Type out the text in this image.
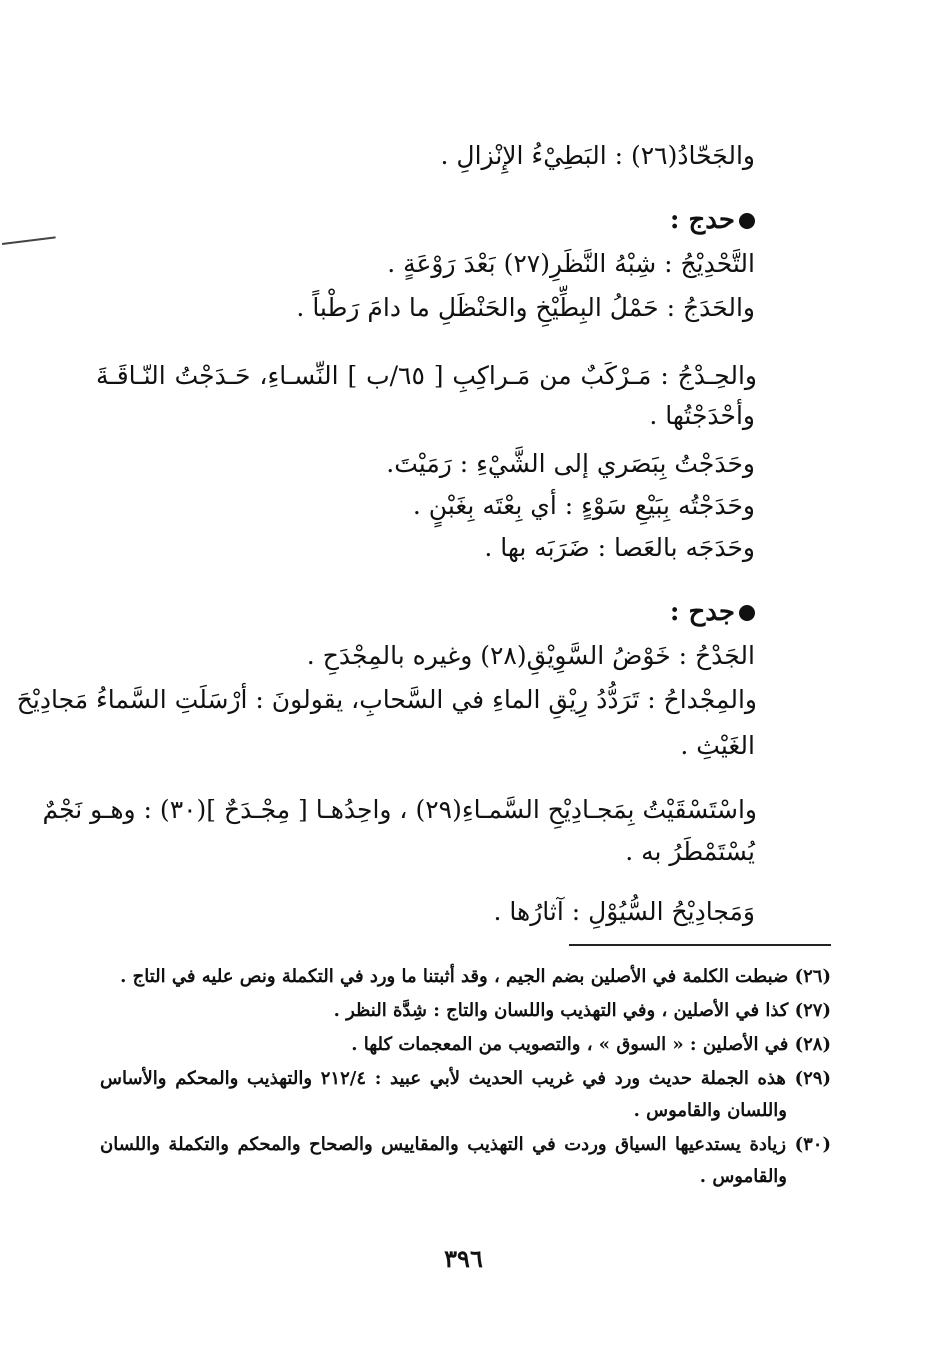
والجَحّادُ(٢٦) : البَطِيْءُ الإِنْزالِ .
حدج :
التَّحْدِيْجُ : شِبْهُ النَّظَرِ(٢٧) بَعْدَ رَوْعَةٍ .
والحَدَجُ : حَمْلُ البِطِّيْخِ والحَنْظَلِ ما دامَ رَطْباً .
والحِـدْجُ : مَـرْكَبٌ من مَـراكِبِ [ ٦٥/ب ] النِّسـاءِ، حَـدَجْتُ النّـاقَـةَ
وأحْدَجْتُها .
وحَدَجْتُ بِبَصَري إلى الشَّيْءِ : رَمَيْتَ.
وحَدَجْتُه بِبَيْعِ سَوْءٍ : أي بِعْتَه بِغَبْنٍ .
وحَدَجَه بالعَصا : ضَرَبَه بها .
جدح :
الجَدْحُ : خَوْضُ السَّوِيْقِ(٢٨) وغيره بالمِجْدَحِ .
والمِجْداحُ : تَرَدُّدُ رِيْقِ الماءِ في السَّحابِ، يقولونَ : أرْسَلَتِ السَّماءُ مَجادِيْحَ
الغَيْثِ .
واسْتَسْقَيْتُ بِمَجـادِيْحِ السَّمـاءِ(٢٩) ، واحِدُهـا [ مِجْـدَحٌ ](٣٠) : وهـو نَجْمٌ
يُسْتَمْطَرُ به .
وَمَجادِيْحُ السُّيُوْلِ : آثارُها .
(٢٦) ضبطت الكلمة في الأصلين بضم الجيم ، وقد أثبتنا ما ورد في التكملة ونص عليه في التاج .
(٢٧) كذا في الأصلين ، وفي التهذيب واللسان والتاج : شِدَّة النظر .
(٢٨) في الأصلين : « السوق » ، والتصويب من المعجمات كلها .
(٢٩) هذه الجملة حديث ورد في غريب الحديث لأبي عبيد : ٢١٢/٤ والتهذيب والمحكم والأساس
واللسان والقاموس .
(٣٠) زيادة يستدعيها السياق وردت في التهذيب والمقاييس والصحاح والمحكم والتكملة واللسان
والقاموس .
٣٩٦
